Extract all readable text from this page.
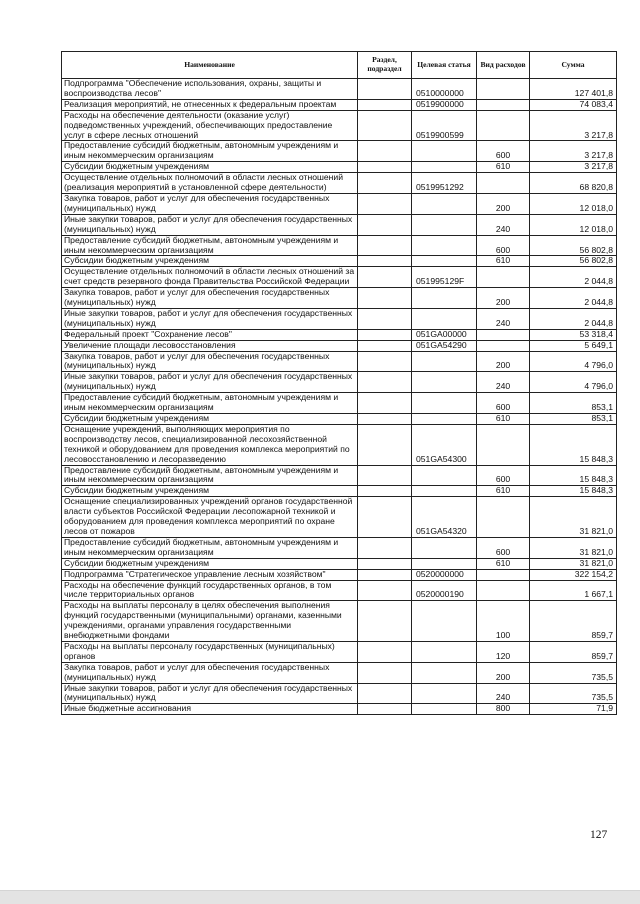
Наименование	Раздел, подраздел	Целевая статья	Вид расходов	Сумма
Подпрограмма "Обеспечение использования, охраны, защиты и воспроизводства лесов"		0510000000		127 401,8
Реализация мероприятий, не отнесенных к федеральным проектам		0519900000		74 083,4
Расходы на обеспечение деятельности (оказание услуг) подведомственных учреждений, обеспечивающих предоставление услуг в сфере лесных отношений		0519900599		3 217,8
Предоставление субсидий бюджетным, автономным учреждениям и иным некоммерческим организациям			600	3 217,8
Субсидии бюджетным учреждениям			610	3 217,8
Осуществление отдельных полномочий в области лесных отношений (реализация мероприятий в установленной сфере деятельности)		0519951292		68 820,8
Закупка товаров, работ и услуг для обеспечения государственных (муниципальных) нужд			200	12 018,0
Иные закупки товаров, работ и услуг для обеспечения государственных (муниципальных) нужд			240	12 018,0
Предоставление субсидий бюджетным, автономным учреждениям и иным некоммерческим организациям			600	56 802,8
Субсидии бюджетным учреждениям			610	56 802,8
Осуществление отдельных полномочий в области лесных отношений за счет средств резервного фонда Правительства Российской Федерации		051995129F		2 044,8
Закупка товаров, работ и услуг для обеспечения государственных (муниципальных) нужд			200	2 044,8
Иные закупки товаров, работ и услуг для обеспечения государственных (муниципальных) нужд			240	2 044,8
Федеральный проект "Сохранение лесов"		051GA00000		53 318,4
Увеличение площади лесовосстановления		051GA54290		5 649,1
Закупка товаров, работ и услуг для обеспечения государственных (муниципальных) нужд			200	4 796,0
Иные закупки товаров, работ и услуг для обеспечения государственных (муниципальных) нужд			240	4 796,0
Предоставление субсидий бюджетным, автономным учреждениям и иным некоммерческим организациям			600	853,1
Субсидии бюджетным учреждениям			610	853,1
Оснащение учреждений, выполняющих мероприятия по воспроизводству лесов, специализированной лесохозяйственной техникой и оборудованием для проведения комплекса мероприятий по лесовосстановлению и лесоразведению		051GA54300		15 848,3
Предоставление субсидий бюджетным, автономным учреждениям и иным некоммерческим организациям			600	15 848,3
Субсидии бюджетным учреждениям			610	15 848,3
Оснащение специализированных учреждений органов государственной власти субъектов Российской Федерации лесопожарной техникой и оборудованием для проведения комплекса мероприятий по охране лесов от пожаров		051GA54320		31 821,0
Предоставление субсидий бюджетным, автономным учреждениям и иным некоммерческим организациям			600	31 821,0
Субсидии бюджетным учреждениям			610	31 821,0
Подпрограмма "Стратегическое управление лесным хозяйством"		0520000000		322 154,2
Расходы на обеспечение функций государственных органов, в том числе территориальных органов		0520000190		1 667,1
Расходы на выплаты персоналу в целях обеспечения выполнения функций государственными (муниципальными) органами, казенными учреждениями, органами управления государственными внебюджетными фондами			100	859,7
Расходы на выплаты персоналу государственных (муниципальных) органов			120	859,7
Закупка товаров, работ и услуг для обеспечения государственных (муниципальных) нужд			200	735,5
Иные закупки товаров, работ и услуг для обеспечения государственных (муниципальных) нужд			240	735,5
Иные бюджетные ассигнования			800	71,9
127
